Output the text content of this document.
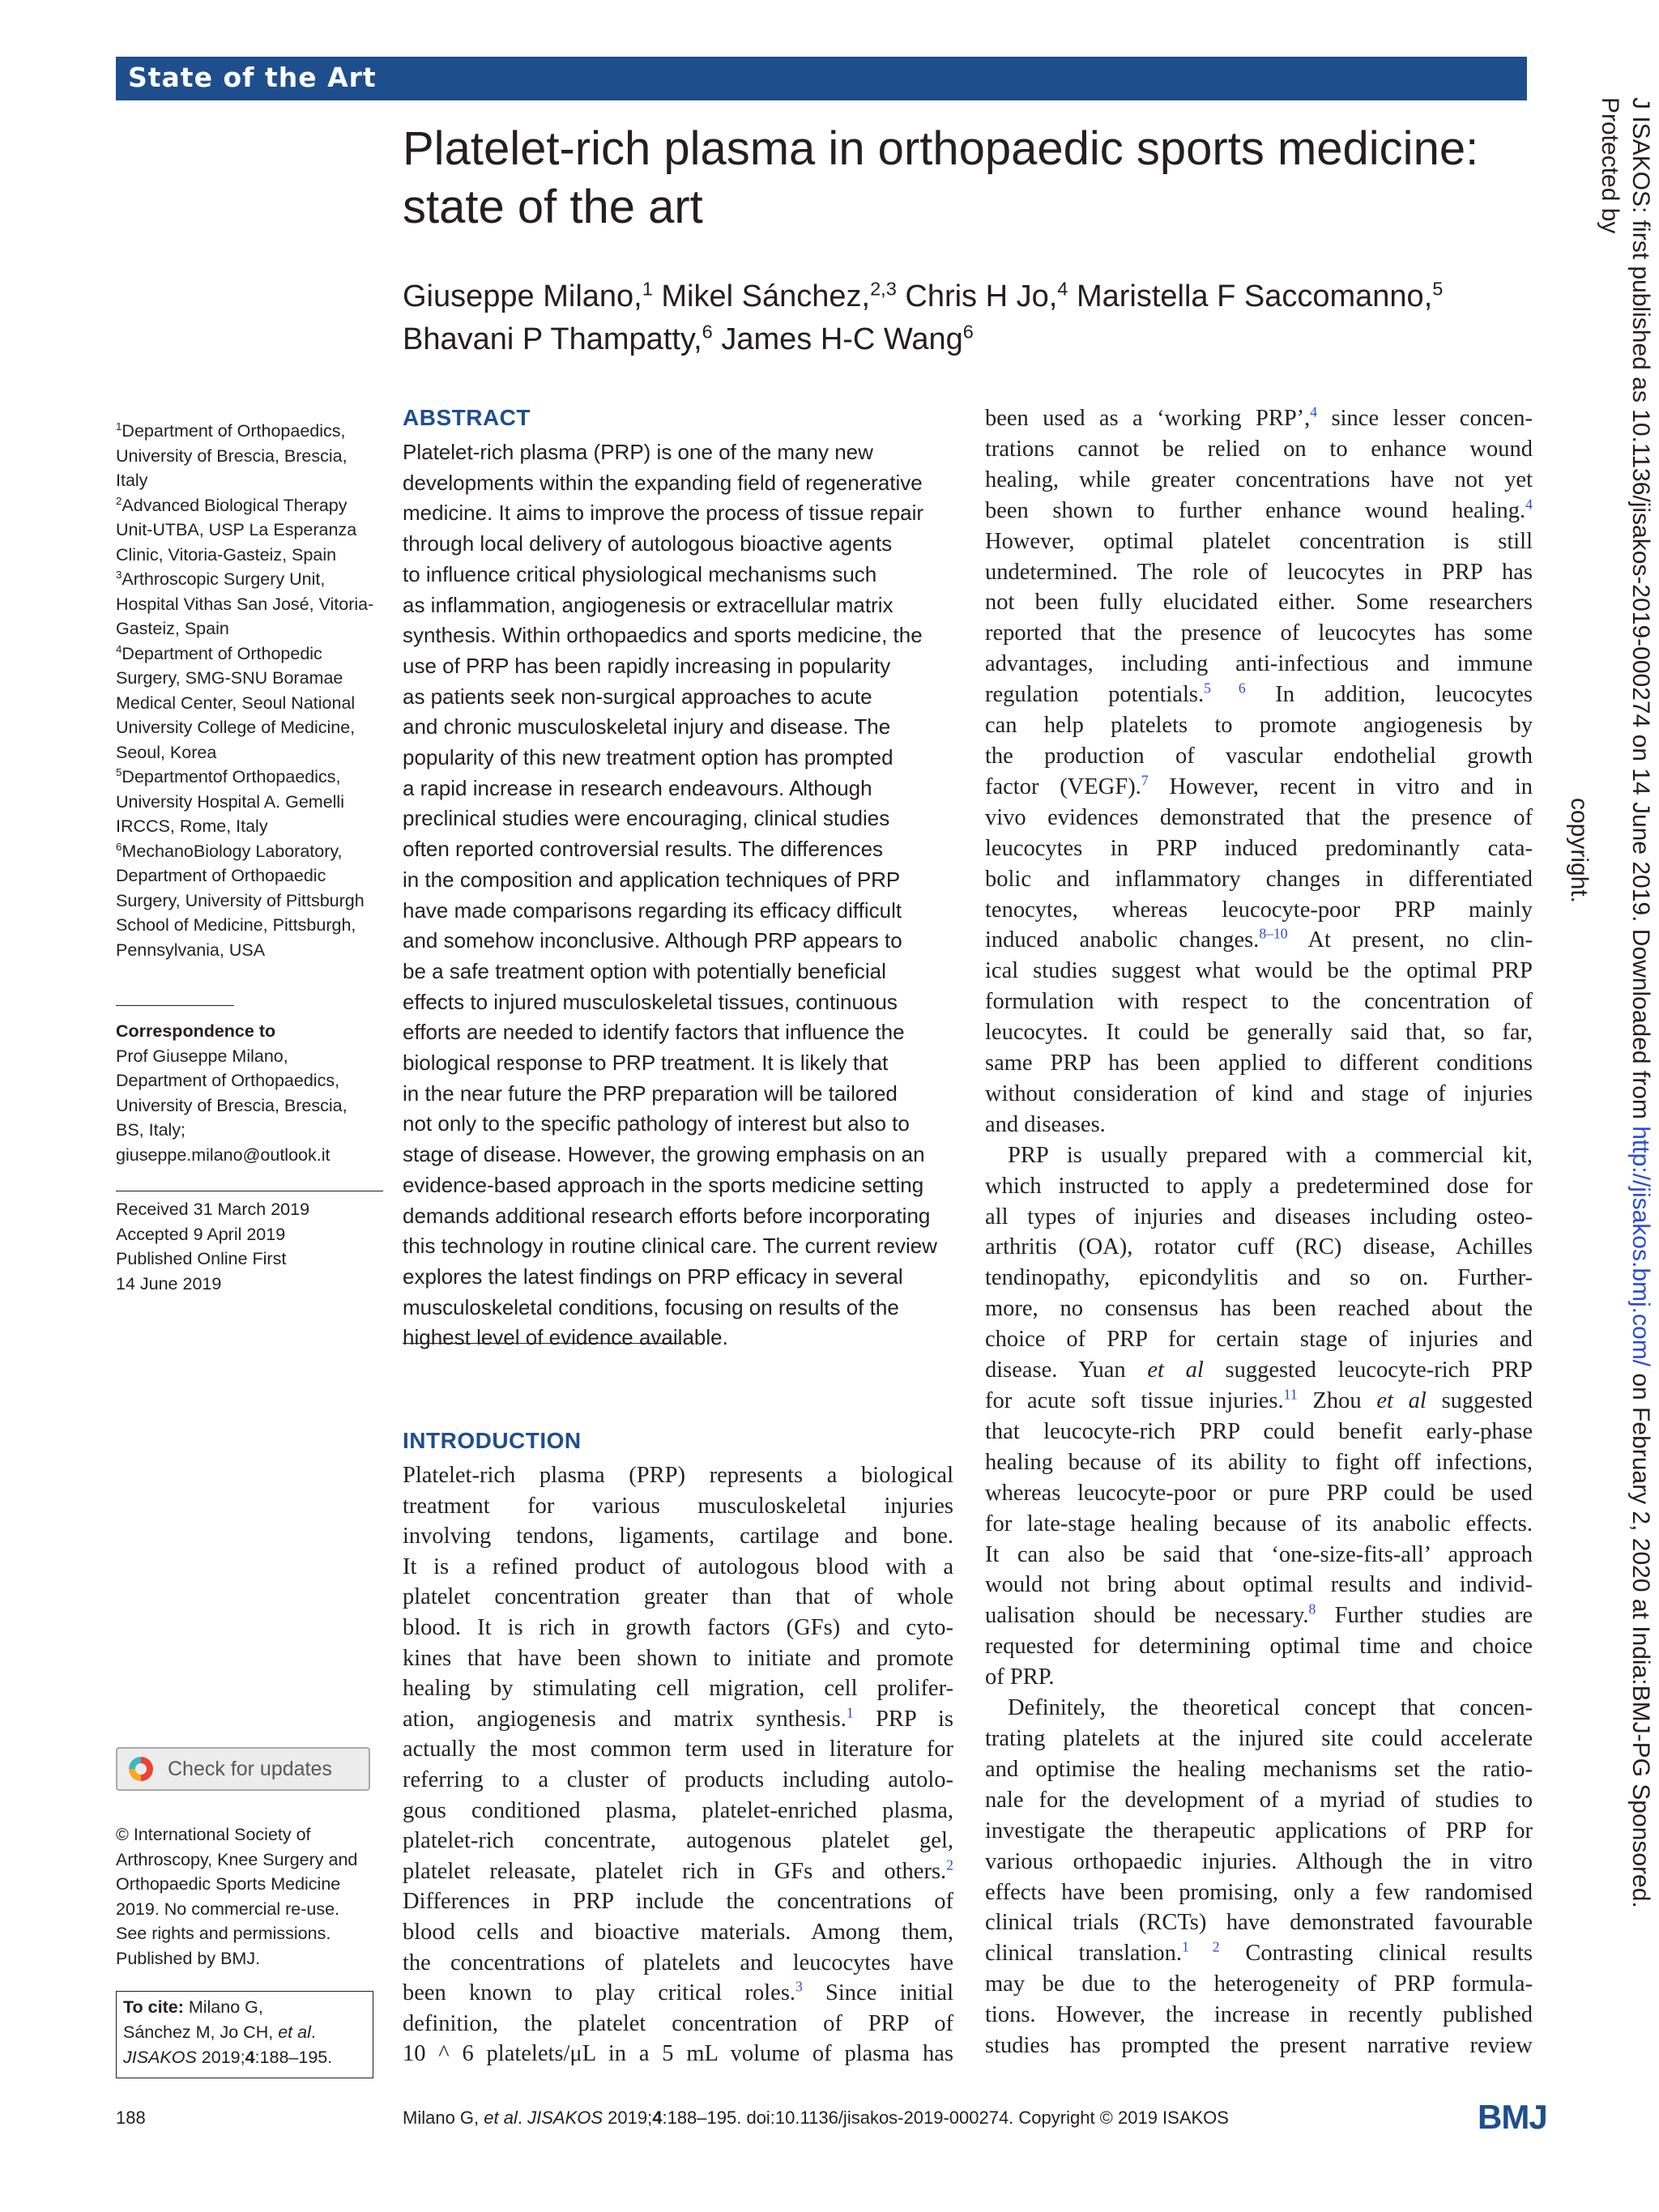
State of the Art
Platelet-rich plasma in orthopaedic sports medicine:
state of the art
Giuseppe Milano,$^1$ Mikel Sánchez,$^{2,3}$ Chris H Jo,$^4$ Maristella F Saccomanno,$^5$
Bhavani P Thampatty,$^6$ James H-C Wang$^6$

$^1$Department of Orthopaedics,

University of Brescia, Brescia,

Italy

$^2$Advanced Biological Therapy

Unit-UTBA, USP La Esperanza

Clinic, Vitoria-Gasteiz, Spain

$^3$Arthroscopic Surgery Unit,

Hospital Vithas San José, Vitoria-

Gasteiz, Spain

$^4$Department of Orthopedic

Surgery, SMG-SNU Boramae

Medical Center, Seoul National

University College of Medicine,

Seoul, Korea

$^5$Departmentof Orthopaedics,

University Hospital A. Gemelli

IRCCS, Rome, Italy

$^6$MechanoBiology Laboratory,

Department of Orthopaedic

Surgery, University of Pittsburgh

School of Medicine, Pittsburgh,

Pennsylvania, USA

Correspondence to

Prof Giuseppe Milano,

Department of Orthopaedics,

University of Brescia, Brescia,

BS, Italy;

giuseppe.milano@outlook.it

Received 31 March 2019

Accepted 9 April 2019

Published Online First

14 June 2019

Check for updates

© International Society of

Arthroscopy, Knee Surgery and

Orthopaedic Sports Medicine

2019. No commercial re-use.

See rights and permissions.

Published by BMJ.

To cite: Milano G,
Sánchez M, Jo CH, et al.
JISAKOS 2019;4:188–195.
ABSTRACT

Platelet-rich plasma (PRP) is one of the many new
developments within the expanding field of regenerative
medicine. It aims to improve the process of tissue repair
through local delivery of autologous bioactive agents
to influence critical physiological mechanisms such
as inflammation, angiogenesis or extracellular matrix
synthesis. Within orthopaedics and sports medicine, the
use of PRP has been rapidly increasing in popularity
as patients seek non-surgical approaches to acute
and chronic musculoskeletal injury and disease. The
popularity of this new treatment option has prompted
a rapid increase in research endeavours. Although
preclinical studies were encouraging, clinical studies
often reported controversial results. The differences
in the composition and application techniques of PRP
have made comparisons regarding its efficacy difficult
and somehow inconclusive. Although PRP appears to
be a safe treatment option with potentially beneficial
effects to injured musculoskeletal tissues, continuous
efforts are needed to identify factors that influence the
biological response to PRP treatment. It is likely that
in the near future the PRP preparation will be tailored
not only to the specific pathology of interest but also to
stage of disease. However, the growing emphasis on an
evidence-based approach in the sports medicine setting
demands additional research efforts before incorporating
this technology in routine clinical care. The current review
explores the latest findings on PRP efficacy in several
musculoskeletal conditions, focusing on results of the
highest level of evidence available.

INTRODUCTION

Platelet-rich plasma (PRP) represents a biological
treatment for various musculoskeletal injuries
involving tendons, ligaments, cartilage and bone.
It is a refined product of autologous blood with a
platelet concentration greater than that of whole
blood. It is rich in growth factors (GFs) and cyto-
kines that have been shown to initiate and promote
healing by stimulating cell migration, cell prolifer-
ation, angiogenesis and matrix synthesis.$^1$ PRP is
actually the most common term used in literature for
referring to a cluster of products including autolo-
gous conditioned plasma, platelet-enriched plasma,
platelet-rich concentrate, autogenous platelet gel,
platelet releasate, platelet rich in GFs and others.$^2$
Differences in PRP include the concentrations of
blood cells and bioactive materials. Among them,
the concentrations of platelets and leucocytes have
been known to play critical roles.$^3$ Since initial
definition, the platelet concentration of PRP of
10 ^ 6 platelets/μL in a 5 mL volume of plasma has

been used as a ‘working PRP’,$^4$ since lesser concen-
trations cannot be relied on to enhance wound
healing, while greater concentrations have not yet
been shown to further enhance wound healing.$^4$
However, optimal platelet concentration is still
undetermined. The role of leucocytes in PRP has
not been fully elucidated either. Some researchers
reported that the presence of leucocytes has some
advantages, including anti-infectious and immune
regulation potentials.$^{5 6}$ In addition, leucocytes
can help platelets to promote angiogenesis by
the production of vascular endothelial growth
factor (VEGF).$^7$ However, recent in vitro and in
vivo evidences demonstrated that the presence of
leucocytes in PRP induced predominantly cata-
bolic and inflammatory changes in differentiated
tenocytes, whereas leucocyte-poor PRP mainly
induced anabolic changes.$^{8-10}$ At present, no clin-
ical studies suggest what would be the optimal PRP
formulation with respect to the concentration of
leucocytes. It could be generally said that, so far,
same PRP has been applied to different conditions
without consideration of kind and stage of injuries
and diseases.
PRP is usually prepared with a commercial kit,
which instructed to apply a predetermined dose for
all types of injuries and diseases including osteo-
arthritis (OA), rotator cuff (RC) disease, Achilles
tendinopathy, epicondylitis and so on. Further-
more, no consensus has been reached about the
choice of PRP for certain stage of injuries and
disease. Yuan et al suggested leucocyte-rich PRP
for acute soft tissue injuries.$^{11}$ Zhou et al suggested
that leucocyte-rich PRP could benefit early-phase
healing because of its ability to fight off infections,
whereas leucocyte-poor or pure PRP could be used
for late-stage healing because of its anabolic effects.
It can also be said that ‘one-size-fits-all’ approach
would not bring about optimal results and individ-
ualisation should be necessary.$^8$ Further studies are
requested for determining optimal time and choice
of PRP.
Definitely, the theoretical concept that concen-
trating platelets at the injured site could accelerate
and optimise the healing mechanisms set the ratio-
nale for the development of a myriad of studies to
investigate the therapeutic applications of PRP for
various orthopaedic injuries. Although the in vitro
effects have been promising, only a few randomised
clinical trials (RCTs) have demonstrated favourable
clinical translation.$^{1 2}$ Contrasting clinical results
may be due to the heterogeneity of PRP formula-
tions. However, the increase in recently published
studies has prompted the present narrative review

188	Milano G, et al. JISAKOS 2019;4:188–195. doi:10.1136/jisakos-2019-000274. Copyright © 2019 ISAKOS	BMJ
J ISAKOS: first published as 10.1136/jisakos-2019-000274 on 14 June 2019. Downloaded from http://jisakos.bmj.com/ on February 2, 2020 at India:BMJ-PG Sponsored. Protected by
copyright.
